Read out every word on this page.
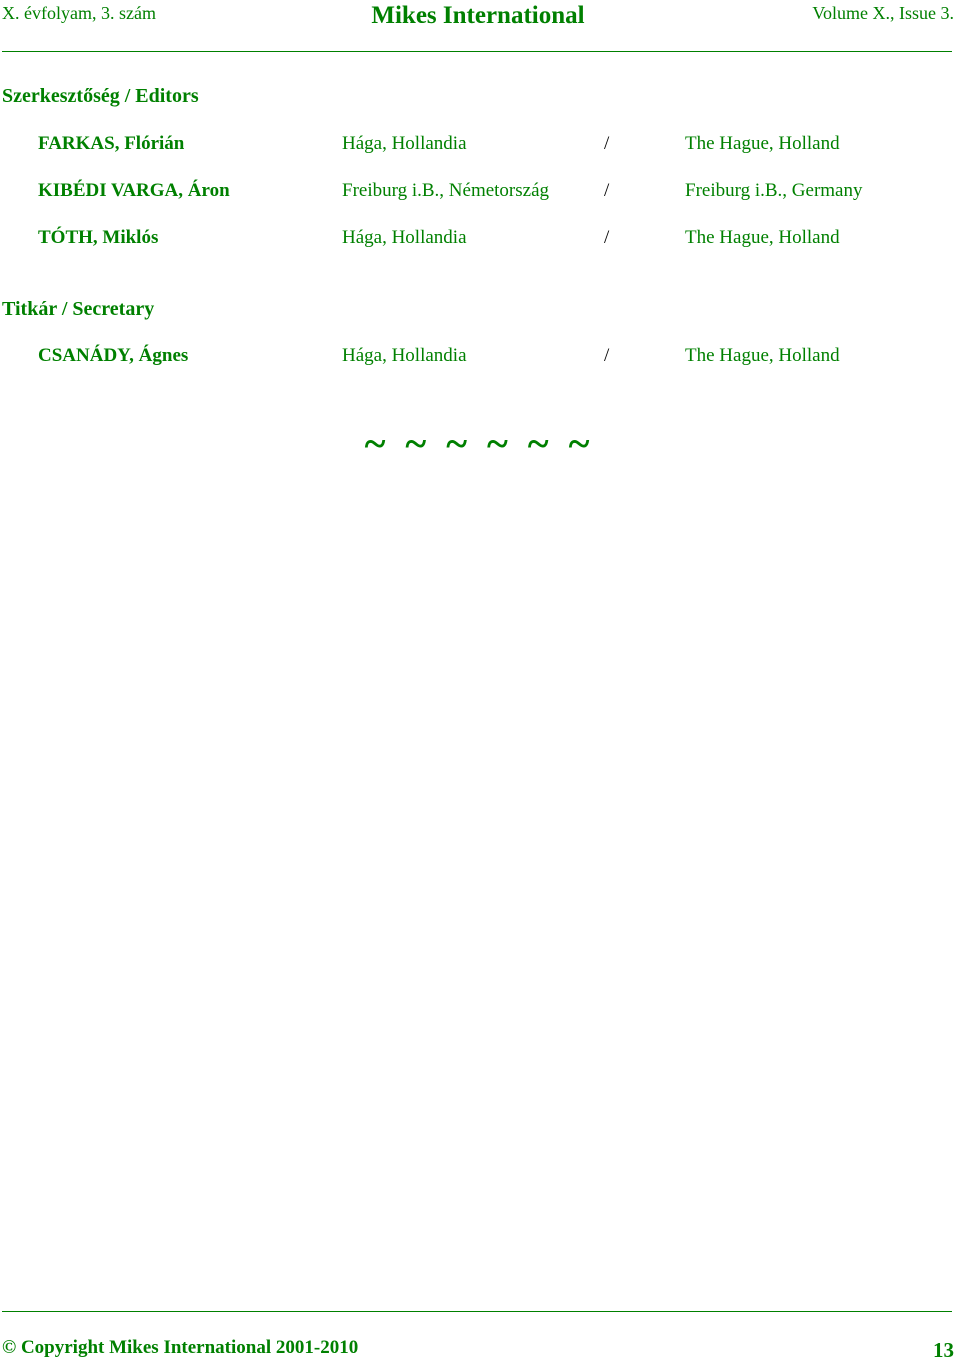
X. évfolyam, 3. szám	Mikes International	Volume X., Issue 3.
Szerkesztőség / Editors
FARKAS, Flórián	Hága, Hollandia	/	The Hague, Holland
KIBÉDI VARGA, Áron	Freiburg i.B., Németország	/	Freiburg i.B., Germany
TÓTH, Miklós	Hága, Hollandia	/	The Hague, Holland
Titkár / Secretary
CSANÁDY, Ágnes	Hága, Hollandia	/	The Hague, Holland
~ ~ ~ ~ ~ ~
© Copyright Mikes International 2001-2010	13
